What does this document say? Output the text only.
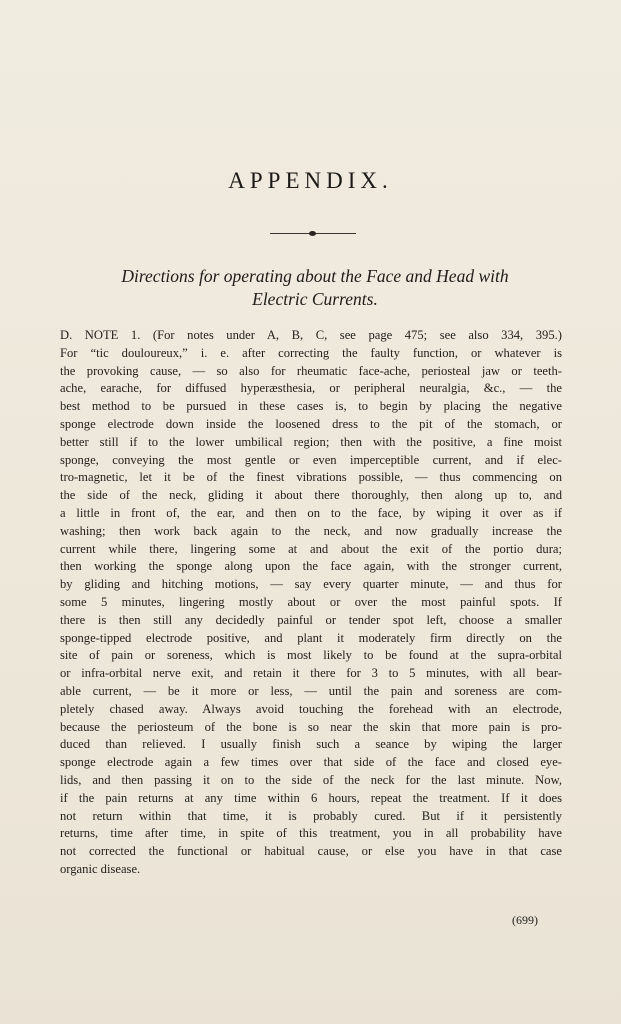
APPENDIX.
Directions for operating about the Face and Head with
Electric Currents.
D. NOTE 1. (For notes under A, B, C, see page 475; see also 334, 395.)
For “tic douloureux,” i. e. after correcting the faulty function, or whatever is
the provoking cause, — so also for rheumatic face-ache, periosteal jaw or teeth-
ache, earache, for diffused hyperæsthesia, or peripheral neuralgia, &c., — the
best method to be pursued in these cases is, to begin by placing the negative
sponge electrode down inside the loosened dress to the pit of the stomach, or
better still if to the lower umbilical region; then with the positive, a fine moist
sponge, conveying the most gentle or even imperceptible current, and if elec-
tro-magnetic, let it be of the finest vibrations possible, — thus commencing on
the side of the neck, gliding it about there thoroughly, then along up to, and
a little in front of, the ear, and then on to the face, by wiping it over as if
washing; then work back again to the neck, and now gradually increase the
current while there, lingering some at and about the exit of the portio dura;
then working the sponge along upon the face again, with the stronger current,
by gliding and hitching motions, — say every quarter minute, — and thus for
some 5 minutes, lingering mostly about or over the most painful spots. If
there is then still any decidedly painful or tender spot left, choose a smaller
sponge-tipped electrode positive, and plant it moderately firm directly on the
site of pain or soreness, which is most likely to be found at the supra-orbital
or infra-orbital nerve exit, and retain it there for 3 to 5 minutes, with all bear-
able current, — be it more or less, — until the pain and soreness are com-
pletely chased away. Always avoid touching the forehead with an electrode,
because the periosteum of the bone is so near the skin that more pain is pro-
duced than relieved. I usually finish such a seance by wiping the larger
sponge electrode again a few times over that side of the face and closed eye-
lids, and then passing it on to the side of the neck for the last minute. Now,
if the pain returns at any time within 6 hours, repeat the treatment. If it does
not return within that time, it is probably cured. But if it persistently
returns, time after time, in spite of this treatment, you in all probability have
not corrected the functional or habitual cause, or else you have in that case
organic disease.
(699)
